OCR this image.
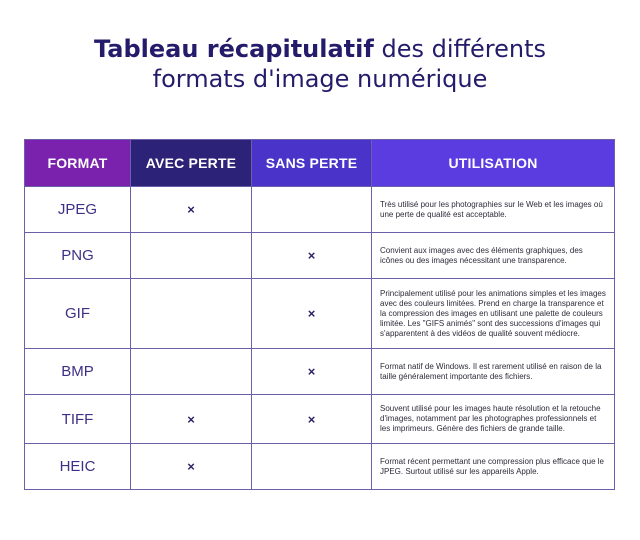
Tableau récapitulatif des différents
formats d'image numérique
FORMAT	AVEC PERTE	SANS PERTE	UTILISATION
JPEG	×		Très utilisé pour les photographies sur le Web et les images où une perte de qualité est acceptable.
PNG		×	Convient aux images avec des éléments graphiques, des icônes ou des images nécessitant une transparence.
GIF		×	Principalement utilisé pour les animations simples et les images avec des couleurs limitées. Prend en charge la transparence et la compression des images en utilisant une palette de couleurs limitée. Les "GIFS animés" sont des successions d'images qui s'apparentent à des vidéos de qualité souvent médiocre.
BMP		×	Format natif de Windows. Il est rarement utilisé en raison de la taille généralement importante des fichiers.
TIFF	×	×	Souvent utilisé pour les images haute résolution et la retouche d'images, notamment par les photographes professionnels et les imprimeurs. Génère des fichiers de grande taille.
HEIC	×		Format récent permettant une compression plus efficace que le JPEG. Surtout utilisé sur les appareils Apple.
